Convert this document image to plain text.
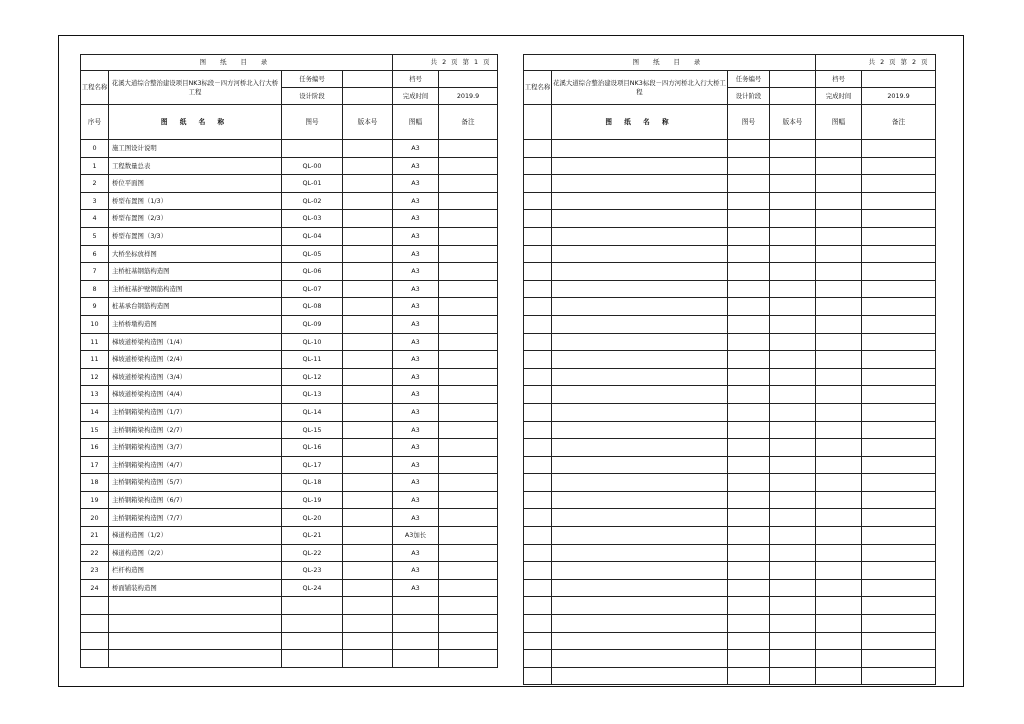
图 纸 目 录				共 2 页 第 1 页	
工程名称	花溪大道综合整治建设项目NK3标段－四方河桥北入行大桥工程	任务编号		档号	
		设计阶段		完成时间	2019.9
序号	图 纸 名 称	图号	版本号	图幅	备注
0	施工图设计说明			A3	
1	工程数量总表	QL-00		A3	
2	桥位平面图	QL-01		A3	
3	桥型布置图（1/3）	QL-02		A3	
4	桥型布置图（2/3）	QL-03		A3	
5	桥型布置图（3/3）	QL-04		A3	
6	大桥坐标放样图	QL-05		A3	
7	主桥桩基钢筋构造图	QL-06		A3	
8	主桥桩基护壁钢筋构造图	QL-07		A3	
9	桩基承台钢筋构造图	QL-08		A3	
10	主桥桥墩构造图	QL-09		A3	
11	梯坡道桥梁构造图（1/4）	QL-10		A3	
11	梯坡道桥梁构造图（2/4）	QL-11		A3	
12	梯坡道桥梁构造图（3/4）	QL-12		A3	
13	梯坡道桥梁构造图（4/4）	QL-13		A3	
14	主桥钢箱梁构造图（1/7）	QL-14		A3	
15	主桥钢箱梁构造图（2/7）	QL-15		A3	
16	主桥钢箱梁构造图（3/7）	QL-16		A3	
17	主桥钢箱梁构造图（4/7）	QL-17		A3	
18	主桥钢箱梁构造图（5/7）	QL-18		A3	
19	主桥钢箱梁构造图（6/7）	QL-19		A3	
20	主桥钢箱梁构造图（7/7）	QL-20		A3	
21	梯道构造图（1/2）	QL-21		A3加长	
22	梯道构造图（2/2）	QL-22		A3	
23	栏杆构造图	QL-23		A3	
24	桥面铺装构造图	QL-24		A3	

图 纸 目 录				共 2 页 第 2 页	
工程名称	花溪大道综合整治建设项目NK3标段－四方河桥北入行大桥工程	任务编号		档号	
		设计阶段		完成时间	2019.9
	图 纸 名 称	图号	版本号	图幅	备注
